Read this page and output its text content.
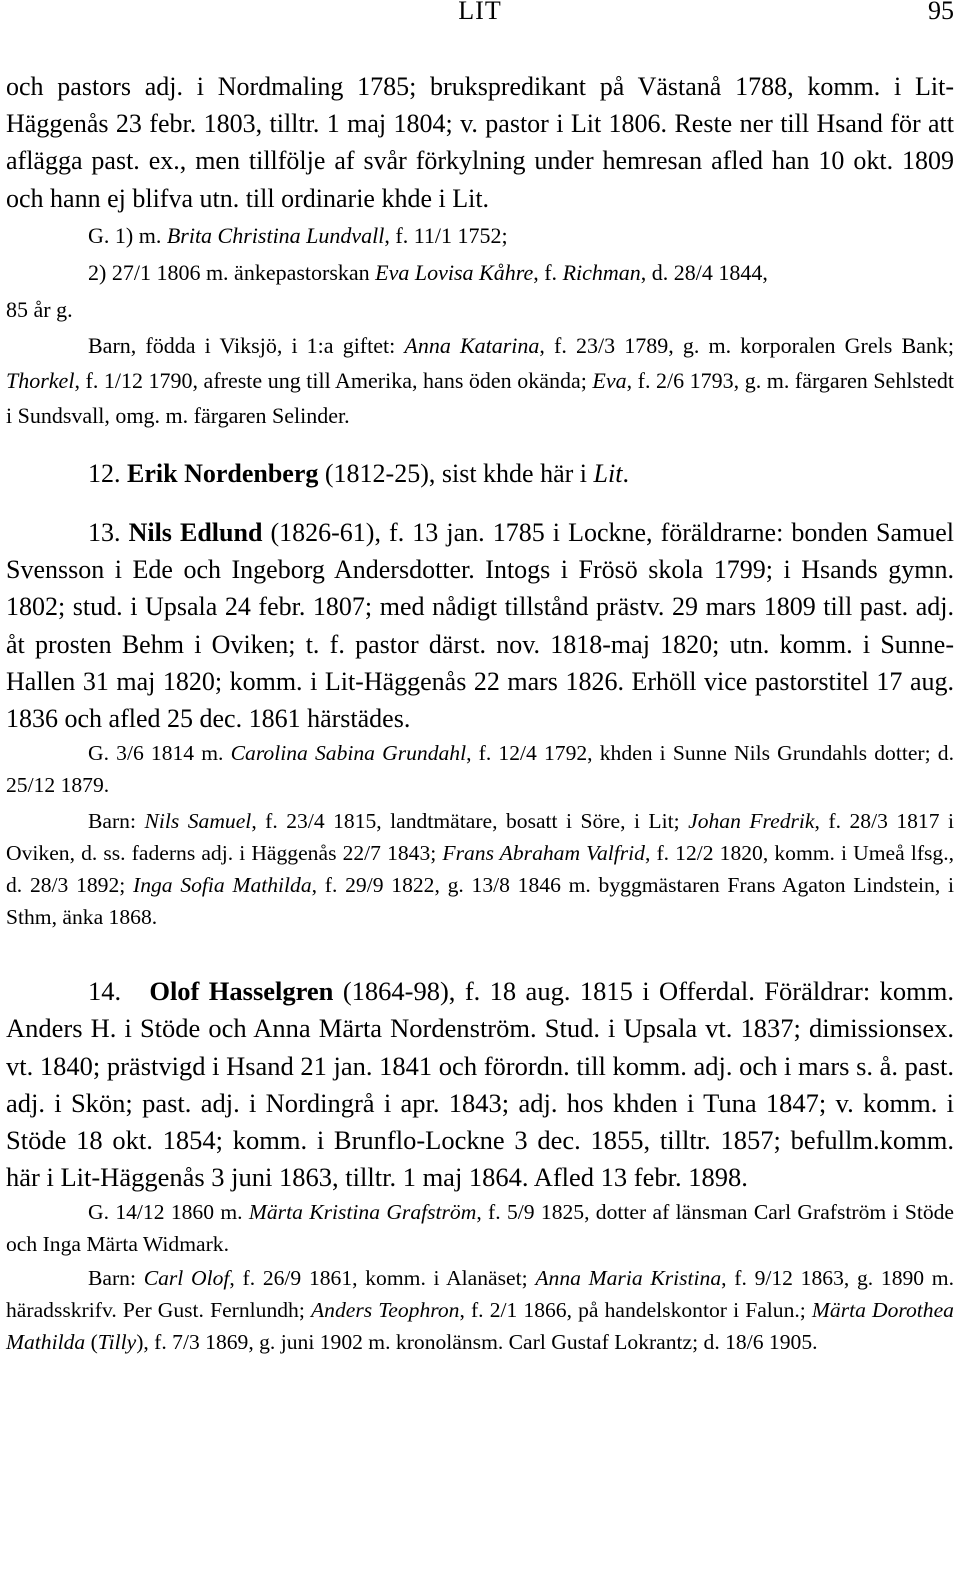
LIT	95

och pastors adj. i Nordmaling 1785; brukspredikant på Västanå 1788, komm. i Lit-Häggenås 23 febr. 1803, tilltr. 1 maj 1804; v. pastor i Lit 1806. Reste ner till Hsand för att aflägga past. ex., men tillfölje af svår förkylning under hemresan afled han 10 okt. 1809 och hann ej blifva utn. till ordinarie khde i Lit.

G. 1) m. Brita Christina Lundvall, f. 11/1 1752;
2) 27/1 1806 m. änkepastorskan Eva Lovisa Kåhre, f. Richman, d. 28/4 1844,

85 år g.

Barn, födda i Viksjö, i 1:a giftet: Anna Katarina, f. 23/3 1789, g. m. korporalen Grels Bank; Thorkel, f. 1/12 1790, afreste ung till Amerika, hans öden okända; Eva, f. 2/6 1793, g. m. färgaren Sehlstedt i Sundsvall, omg. m. färgaren Selinder.

12. Erik Nordenberg (1812-25), sist khde här i Lit.

13. Nils Edlund (1826-61), f. 13 jan. 1785 i Lockne, föräldrarne: bonden Samuel Svensson i Ede och Ingeborg Andersdotter. Intogs i Frösö skola 1799; i Hsands gymn. 1802; stud. i Upsala 24 febr. 1807; med nådigt tillstånd prästv. 29 mars 1809 till past. adj. åt prosten Behm i Oviken; t. f. pastor därst. nov. 1818-maj 1820; utn. komm. i Sunne-Hallen 31 maj 1820; komm. i Lit-Häggenås 22 mars 1826. Erhöll vice pastorstitel 17 aug. 1836 och afled 25 dec. 1861 härstädes.

G. 3/6 1814 m. Carolina Sabina Grundahl, f. 12/4 1792, khden i Sunne Nils Grundahls dotter; d. 25/12 1879.

Barn: Nils Samuel, f. 23/4 1815, landtmätare, bosatt i Söre, i Lit; Johan Fredrik, f. 28/3 1817 i Oviken, d. ss. faderns adj. i Häggenås 22/7 1843; Frans Abraham Valfrid, f. 12/2 1820, komm. i Umeå lfsg., d. 28/3 1892; Inga Sofia Mathilda, f. 29/9 1822, g. 13/8 1846 m. byggmästaren Frans Agaton Lindstein, i Sthm, änka 1868.

14. Olof Hasselgren (1864-98), f. 18 aug. 1815 i Offerdal. Föräldrar: komm. Anders H. i Stöde och Anna Märta Nordenström. Stud. i Upsala vt. 1837; dimissionsex. vt. 1840; prästvigd i Hsand 21 jan. 1841 och förordn. till komm. adj. och i mars s. å. past. adj. i Skön; past. adj. i Nordingrå i apr. 1843; adj. hos khden i Tuna 1847; v. komm. i Stöde 18 okt. 1854; komm. i Brunflo-Lockne 3 dec. 1855, tilltr. 1857; befullm.komm. här i Lit-Häggenås 3 juni 1863, tilltr. 1 maj 1864. Afled 13 febr. 1898.

G. 14/12 1860 m. Märta Kristina Grafström, f. 5/9 1825, dotter af länsman Carl Grafström i Stöde och Inga Märta Widmark.

Barn: Carl Olof, f. 26/9 1861, komm. i Alanäset; Anna Maria Kristina, f. 9/12 1863, g. 1890 m. häradsskrifv. Per Gust. Fernlundh; Anders Teophron, f. 2/1 1866, på handelskontor i Falun.; Märta Dorothea Mathilda (Tilly), f. 7/3 1869, g. juni 1902 m. kronolänsm. Carl Gustaf Lokrantz; d. 18/6 1905.
